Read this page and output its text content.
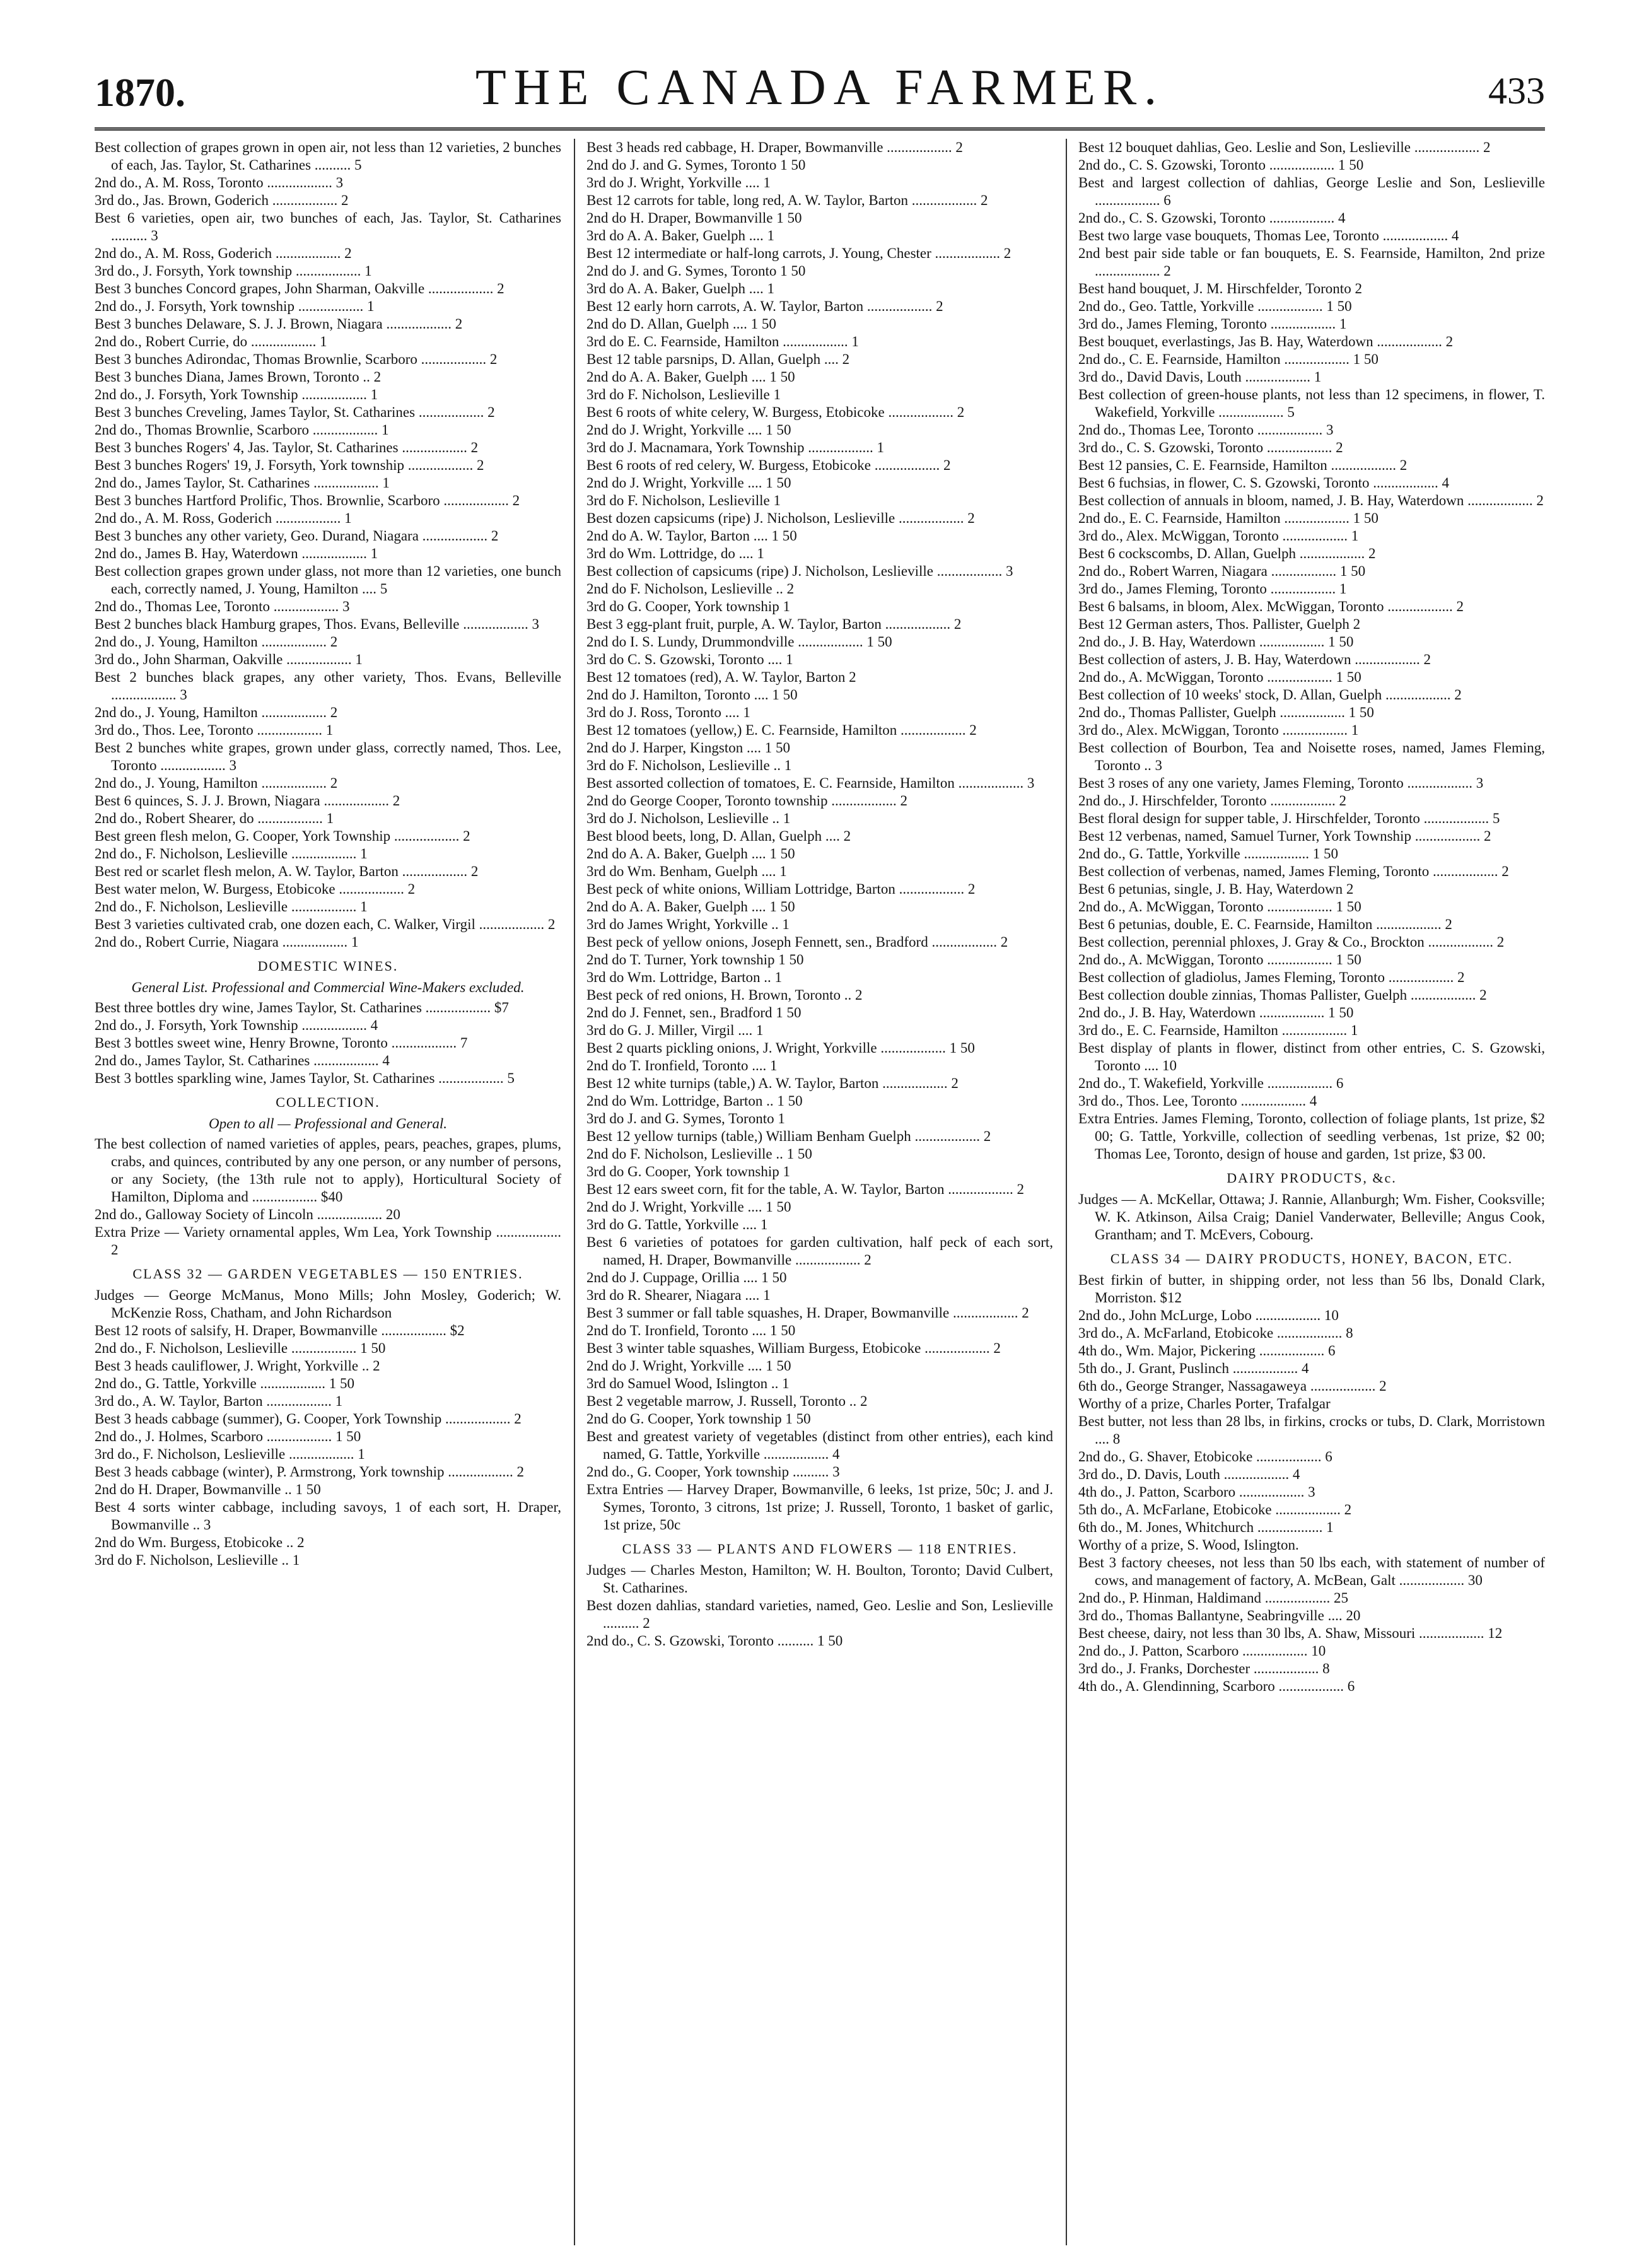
1870.	THE CANADA FARMER.	433

Best collection of grapes grown in open air, not less than 12 varieties, 2 bunches of each, Jas. Taylor, St. Catharines .......... 5

2nd do., A. M. Ross, Toronto .................. 3

3rd do., Jas. Brown, Goderich .................. 2

Best 6 varieties, open air, two bunches of each, Jas. Taylor, St. Catharines .......... 3

2nd do., A. M. Ross, Goderich .................. 2

3rd do., J. Forsyth, York township .................. 1

Best 3 bunches Concord grapes, John Sharman, Oakville .................. 2

2nd do., J. Forsyth, York township .................. 1

Best 3 bunches Delaware, S. J. J. Brown, Niagara .................. 2

2nd do., Robert Currie, do .................. 1

Best 3 bunches Adirondac, Thomas Brownlie, Scarboro .................. 2

Best 3 bunches Diana, James Brown, Toronto .. 2

2nd do., J. Forsyth, York Township .................. 1

Best 3 bunches Creveling, James Taylor, St. Catharines .................. 2

2nd do., Thomas Brownlie, Scarboro .................. 1

Best 3 bunches Rogers' 4, Jas. Taylor, St. Catharines .................. 2

Best 3 bunches Rogers' 19, J. Forsyth, York township .................. 2

2nd do., James Taylor, St. Catharines .................. 1

Best 3 bunches Hartford Prolific, Thos. Brownlie, Scarboro .................. 2

2nd do., A. M. Ross, Goderich .................. 1

Best 3 bunches any other variety, Geo. Durand, Niagara .................. 2

2nd do., James B. Hay, Waterdown .................. 1

Best collection grapes grown under glass, not more than 12 varieties, one bunch each, correctly named, J. Young, Hamilton .... 5

2nd do., Thomas Lee, Toronto .................. 3

Best 2 bunches black Hamburg grapes, Thos. Evans, Belleville .................. 3

2nd do., J. Young, Hamilton .................. 2

3rd do., John Sharman, Oakville .................. 1

Best 2 bunches black grapes, any other variety, Thos. Evans, Belleville .................. 3

2nd do., J. Young, Hamilton .................. 2

3rd do., Thos. Lee, Toronto .................. 1

Best 2 bunches white grapes, grown under glass, correctly named, Thos. Lee, Toronto .................. 3

2nd do., J. Young, Hamilton .................. 2

Best 6 quinces, S. J. J. Brown, Niagara .................. 2

2nd do., Robert Shearer, do .................. 1

Best green flesh melon, G. Cooper, York Township .................. 2

2nd do., F. Nicholson, Leslieville .................. 1

Best red or scarlet flesh melon, A. W. Taylor, Barton .................. 2

Best water melon, W. Burgess, Etobicoke .................. 2

2nd do., F. Nicholson, Leslieville .................. 1

Best 3 varieties cultivated crab, one dozen each, C. Walker, Virgil .................. 2

2nd do., Robert Currie, Niagara .................. 1

DOMESTIC WINES.

General List. Professional and Commercial Wine-Makers excluded.

Best three bottles dry wine, James Taylor, St. Catharines .................. $7

2nd do., J. Forsyth, York Township .................. 4

Best 3 bottles sweet wine, Henry Browne, Toronto .................. 7

2nd do., James Taylor, St. Catharines .................. 4

Best 3 bottles sparkling wine, James Taylor, St. Catharines .................. 5

COLLECTION.

Open to all — Professional and General.

The best collection of named varieties of apples, pears, peaches, grapes, plums, crabs, and quinces, contributed by any one person, or any number of persons, or any Society, (the 13th rule not to apply), Horticultural Society of Hamilton, Diploma and .................. $40

2nd do., Galloway Society of Lincoln .................. 20

Extra Prize — Variety ornamental apples, Wm Lea, York Township .................. 2

CLASS 32 — GARDEN VEGETABLES — 150 ENTRIES.

Judges — George McManus, Mono Mills; John Mosley, Goderich; W. McKenzie Ross, Chatham, and John Richardson

Best 12 roots of salsify, H. Draper, Bowmanville .................. $2

2nd do., F. Nicholson, Leslieville .................. 1 50

Best 3 heads cauliflower, J. Wright, Yorkville .. 2

2nd do., G. Tattle, Yorkville .................. 1 50

3rd do., A. W. Taylor, Barton .................. 1

Best 3 heads cabbage (summer), G. Cooper, York Township .................. 2

2nd do., J. Holmes, Scarboro .................. 1 50

3rd do., F. Nicholson, Leslieville .................. 1

Best 3 heads cabbage (winter), P. Armstrong, York township .................. 2

2nd do H. Draper, Bowmanville .. 1 50

Best 4 sorts winter cabbage, including savoys, 1 of each sort, H. Draper, Bowmanville .. 3

2nd do Wm. Burgess, Etobicoke .. 2

3rd do F. Nicholson, Leslieville .. 1

Best 3 heads red cabbage, H. Draper, Bowmanville .................. 2

2nd do J. and G. Symes, Toronto 1 50

3rd do J. Wright, Yorkville .... 1

Best 12 carrots for table, long red, A. W. Taylor, Barton .................. 2

2nd do H. Draper, Bowmanville 1 50

3rd do A. A. Baker, Guelph .... 1

Best 12 intermediate or half-long carrots, J. Young, Chester .................. 2

2nd do J. and G. Symes, Toronto 1 50

3rd do A. A. Baker, Guelph .... 1

Best 12 early horn carrots, A. W. Taylor, Barton .................. 2

2nd do D. Allan, Guelph .... 1 50

3rd do E. C. Fearnside, Hamilton .................. 1

Best 12 table parsnips, D. Allan, Guelph .... 2

2nd do A. A. Baker, Guelph .... 1 50

3rd do F. Nicholson, Leslieville 1

Best 6 roots of white celery, W. Burgess, Etobicoke .................. 2

2nd do J. Wright, Yorkville .... 1 50

3rd do J. Macnamara, York Township .................. 1

Best 6 roots of red celery, W. Burgess, Etobicoke .................. 2

2nd do J. Wright, Yorkville .... 1 50

3rd do F. Nicholson, Leslieville 1

Best dozen capsicums (ripe) J. Nicholson, Leslieville .................. 2

2nd do A. W. Taylor, Barton .... 1 50

3rd do Wm. Lottridge, do .... 1

Best collection of capsicums (ripe) J. Nicholson, Leslieville .................. 3

2nd do F. Nicholson, Leslieville .. 2

3rd do G. Cooper, York township 1

Best 3 egg-plant fruit, purple, A. W. Taylor, Barton .................. 2

2nd do I. S. Lundy, Drummondville .................. 1 50

3rd do C. S. Gzowski, Toronto .... 1

Best 12 tomatoes (red), A. W. Taylor, Barton 2

2nd do J. Hamilton, Toronto .... 1 50

3rd do J. Ross, Toronto .... 1

Best 12 tomatoes (yellow,) E. C. Fearnside, Hamilton .................. 2

2nd do J. Harper, Kingston .... 1 50

3rd do F. Nicholson, Leslieville .. 1

Best assorted collection of tomatoes, E. C. Fearnside, Hamilton .................. 3

2nd do George Cooper, Toronto township .................. 2

3rd do J. Nicholson, Leslieville .. 1

Best blood beets, long, D. Allan, Guelph .... 2

2nd do A. A. Baker, Guelph .... 1 50

3rd do Wm. Benham, Guelph .... 1

Best peck of white onions, William Lottridge, Barton .................. 2

2nd do A. A. Baker, Guelph .... 1 50

3rd do James Wright, Yorkville .. 1

Best peck of yellow onions, Joseph Fennett, sen., Bradford .................. 2

2nd do T. Turner, York township 1 50

3rd do Wm. Lottridge, Barton .. 1

Best peck of red onions, H. Brown, Toronto .. 2

2nd do J. Fennet, sen., Bradford 1 50

3rd do G. J. Miller, Virgil .... 1

Best 2 quarts pickling onions, J. Wright, Yorkville .................. 1 50

2nd do T. Ironfield, Toronto .... 1

Best 12 white turnips (table,) A. W. Taylor, Barton .................. 2

2nd do Wm. Lottridge, Barton .. 1 50

3rd do J. and G. Symes, Toronto 1

Best 12 yellow turnips (table,) William Benham Guelph .................. 2

2nd do F. Nicholson, Leslieville .. 1 50

3rd do G. Cooper, York township 1

Best 12 ears sweet corn, fit for the table, A. W. Taylor, Barton .................. 2

2nd do J. Wright, Yorkville .... 1 50

3rd do G. Tattle, Yorkville .... 1

Best 6 varieties of potatoes for garden cultivation, half peck of each sort, named, H. Draper, Bowmanville .................. 2

2nd do J. Cuppage, Orillia .... 1 50

3rd do R. Shearer, Niagara .... 1

Best 3 summer or fall table squashes, H. Draper, Bowmanville .................. 2

2nd do T. Ironfield, Toronto .... 1 50

Best 3 winter table squashes, William Burgess, Etobicoke .................. 2

2nd do J. Wright, Yorkville .... 1 50

3rd do Samuel Wood, Islington .. 1

Best 2 vegetable marrow, J. Russell, Toronto .. 2

2nd do G. Cooper, York township 1 50

Best and greatest variety of vegetables (distinct from other entries), each kind named, G. Tattle, Yorkville .................. 4

2nd do., G. Cooper, York township .......... 3

Extra Entries — Harvey Draper, Bowmanville, 6 leeks, 1st prize, 50c; J. and J. Symes, Toronto, 3 citrons, 1st prize; J. Russell, Toronto, 1 basket of garlic, 1st prize, 50c

CLASS 33 — PLANTS AND FLOWERS — 118 ENTRIES.

Judges — Charles Meston, Hamilton; W. H. Boulton, Toronto; David Culbert, St. Catharines.

Best dozen dahlias, standard varieties, named, Geo. Leslie and Son, Leslieville .......... 2

2nd do., C. S. Gzowski, Toronto .......... 1 50

Best 12 bouquet dahlias, Geo. Leslie and Son, Leslieville .................. 2

2nd do., C. S. Gzowski, Toronto .................. 1 50

Best and largest collection of dahlias, George Leslie and Son, Leslieville .................. 6

2nd do., C. S. Gzowski, Toronto .................. 4

Best two large vase bouquets, Thomas Lee, Toronto .................. 4

2nd best pair side table or fan bouquets, E. S. Fearnside, Hamilton, 2nd prize .................. 2

Best hand bouquet, J. M. Hirschfelder, Toronto 2

2nd do., Geo. Tattle, Yorkville .................. 1 50

3rd do., James Fleming, Toronto .................. 1

Best bouquet, everlastings, Jas B. Hay, Waterdown .................. 2

2nd do., C. E. Fearnside, Hamilton .................. 1 50

3rd do., David Davis, Louth .................. 1

Best collection of green-house plants, not less than 12 specimens, in flower, T. Wakefield, Yorkville .................. 5

2nd do., Thomas Lee, Toronto .................. 3

3rd do., C. S. Gzowski, Toronto .................. 2

Best 12 pansies, C. E. Fearnside, Hamilton .................. 2

Best 6 fuchsias, in flower, C. S. Gzowski, Toronto .................. 4

Best collection of annuals in bloom, named, J. B. Hay, Waterdown .................. 2

2nd do., E. C. Fearnside, Hamilton .................. 1 50

3rd do., Alex. McWiggan, Toronto .................. 1

Best 6 cockscombs, D. Allan, Guelph .................. 2

2nd do., Robert Warren, Niagara .................. 1 50

3rd do., James Fleming, Toronto .................. 1

Best 6 balsams, in bloom, Alex. McWiggan, Toronto .................. 2

Best 12 German asters, Thos. Pallister, Guelph 2

2nd do., J. B. Hay, Waterdown .................. 1 50

Best collection of asters, J. B. Hay, Waterdown .................. 2

2nd do., A. McWiggan, Toronto .................. 1 50

Best collection of 10 weeks' stock, D. Allan, Guelph .................. 2

2nd do., Thomas Pallister, Guelph .................. 1 50

3rd do., Alex. McWiggan, Toronto .................. 1

Best collection of Bourbon, Tea and Noisette roses, named, James Fleming, Toronto .. 3

Best 3 roses of any one variety, James Fleming, Toronto .................. 3

2nd do., J. Hirschfelder, Toronto .................. 2

Best floral design for supper table, J. Hirschfelder, Toronto .................. 5

Best 12 verbenas, named, Samuel Turner, York Township .................. 2

2nd do., G. Tattle, Yorkville .................. 1 50

Best collection of verbenas, named, James Fleming, Toronto .................. 2

Best 6 petunias, single, J. B. Hay, Waterdown 2

2nd do., A. McWiggan, Toronto .................. 1 50

Best 6 petunias, double, E. C. Fearnside, Hamilton .................. 2

Best collection, perennial phloxes, J. Gray & Co., Brockton .................. 2

2nd do., A. McWiggan, Toronto .................. 1 50

Best collection of gladiolus, James Fleming, Toronto .................. 2

Best collection double zinnias, Thomas Pallister, Guelph .................. 2

2nd do., J. B. Hay, Waterdown .................. 1 50

3rd do., E. C. Fearnside, Hamilton .................. 1

Best display of plants in flower, distinct from other entries, C. S. Gzowski, Toronto .... 10

2nd do., T. Wakefield, Yorkville .................. 6

3rd do., Thos. Lee, Toronto .................. 4

Extra Entries. James Fleming, Toronto, collection of foliage plants, 1st prize, $2 00; G. Tattle, Yorkville, collection of seedling verbenas, 1st prize, $2 00; Thomas Lee, Toronto, design of house and garden, 1st prize, $3 00.

DAIRY PRODUCTS, &c.

Judges — A. McKellar, Ottawa; J. Rannie, Allanburgh; Wm. Fisher, Cooksville; W. K. Atkinson, Ailsa Craig; Daniel Vanderwater, Belleville; Angus Cook, Grantham; and T. McEvers, Cobourg.

CLASS 34 — DAIRY PRODUCTS, HONEY, BACON, ETC.

Best firkin of butter, in shipping order, not less than 56 lbs, Donald Clark, Morriston. $12

2nd do., John McLurge, Lobo .................. 10

3rd do., A. McFarland, Etobicoke .................. 8

4th do., Wm. Major, Pickering .................. 6

5th do., J. Grant, Puslinch .................. 4

6th do., George Stranger, Nassagaweya .................. 2

Worthy of a prize, Charles Porter, Trafalgar

Best butter, not less than 28 lbs, in firkins, crocks or tubs, D. Clark, Morristown .... 8

2nd do., G. Shaver, Etobicoke .................. 6

3rd do., D. Davis, Louth .................. 4

4th do., J. Patton, Scarboro .................. 3

5th do., A. McFarlane, Etobicoke .................. 2

6th do., M. Jones, Whitchurch .................. 1

Worthy of a prize, S. Wood, Islington.

Best 3 factory cheeses, not less than 50 lbs each, with statement of number of cows, and management of factory, A. McBean, Galt .................. 30

2nd do., P. Hinman, Haldimand .................. 25

3rd do., Thomas Ballantyne, Seabringville .... 20

Best cheese, dairy, not less than 30 lbs, A. Shaw, Missouri .................. 12

2nd do., J. Patton, Scarboro .................. 10

3rd do., J. Franks, Dorchester .................. 8

4th do., A. Glendinning, Scarboro .................. 6
